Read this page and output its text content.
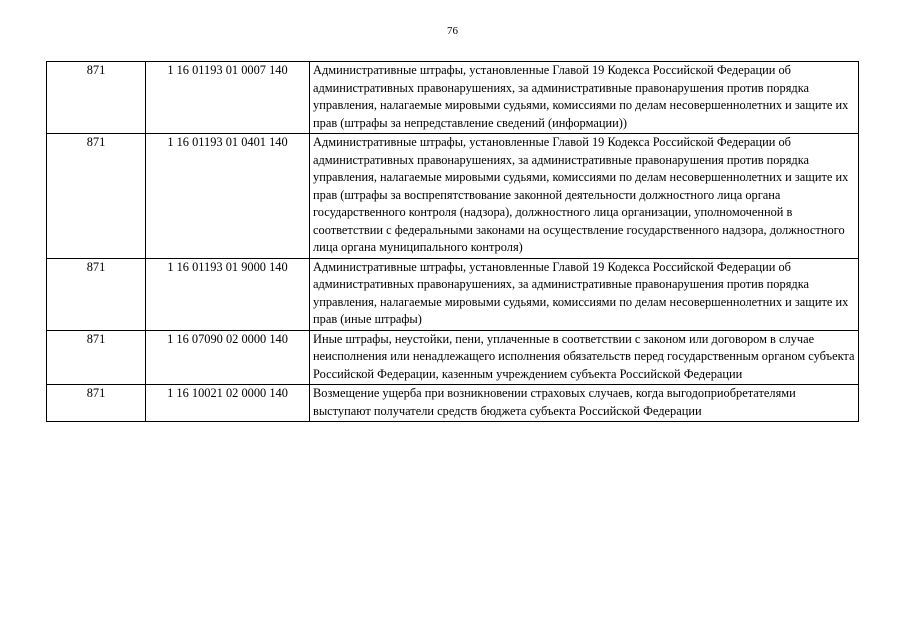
76
871	1 16 01193 01 0007 140	Административные штрафы, установленные Главой 19 Кодекса Российской Федерации об административных правонарушениях, за административные правонарушения против порядка управления, налагаемые мировыми судьями, комиссиями по делам несовершеннолетних и защите их прав (штрафы за непредставление сведений (информации))
871	1 16 01193 01 0401 140	Административные штрафы, установленные Главой 19 Кодекса Российской Федерации об административных правонарушениях, за административные правонарушения против порядка управления, налагаемые мировыми судьями, комиссиями по делам несовершеннолетних и защите их прав (штрафы за воспрепятствование законной деятельности должностного лица органа государственного контроля (надзора), должностного лица организации, уполномоченной в соответствии с федеральными законами на осуществление государственного надзора, должностного лица органа муниципального контроля)
871	1 16 01193 01 9000 140	Административные штрафы, установленные Главой 19 Кодекса Российской Федерации об административных правонарушениях, за административные правонарушения против порядка управления, налагаемые мировыми судьями, комиссиями по делам несовершеннолетних и защите их прав (иные штрафы)
871	1 16 07090 02 0000 140	Иные штрафы, неустойки, пени, уплаченные в соответствии с законом или договором в случае неисполнения или ненадлежащего исполнения обязательств перед государственным органом субъекта Российской Федерации, казенным учреждением субъекта Российской Федерации
871	1 16 10021 02 0000 140	Возмещение ущерба при возникновении страховых случаев, когда выгодоприобретателями выступают получатели средств бюджета субъекта Российской Федерации
